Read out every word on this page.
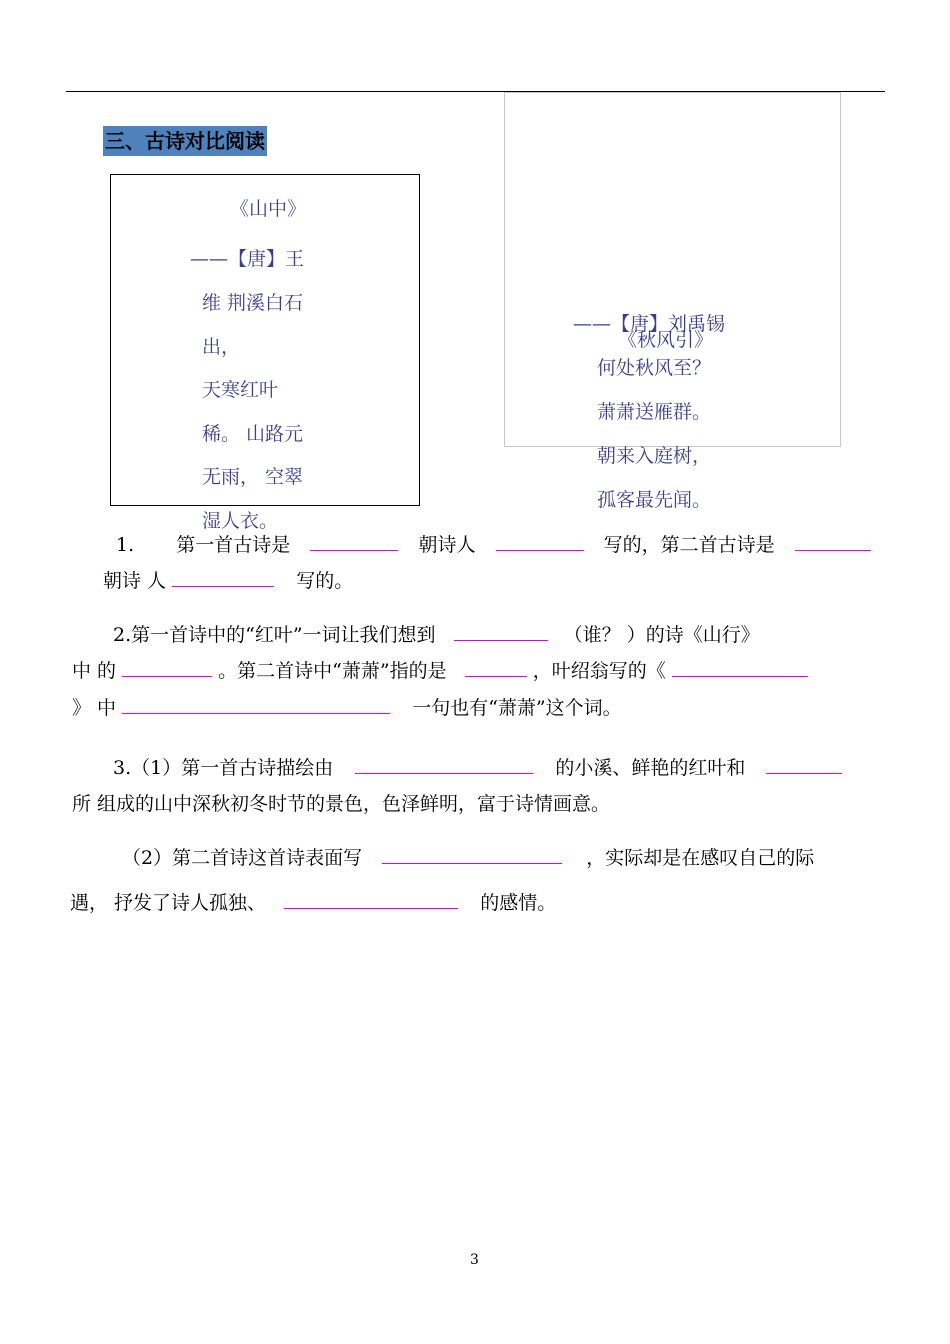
三、古诗对比阅读
《山中》
——【唐】王
维 荆溪白石
出，
天寒红叶
稀。 山路元
无雨， 空翠
湿人衣。
——【唐】刘禹锡
《秋风引》
何处秋风至？
萧萧送雁群。
朝来入庭树，
孤客最先闻。
1. 第一首古诗是	朝诗人	写的，第二首古诗是
朝诗 人	写的。
2.第一首诗中的“红叶”一词让我们想到	（谁？ ）的诗《山行》
中 的	。第二首诗中“萧萧”指的是	，叶绍翁写的《
》 中	一句也有“萧萧”这个词。
3.（1）第一首古诗描绘由	的小溪、鲜艳的红叶和
所 组成的山中深秋初冬时节的景色，色泽鲜明，富于诗情画意。
（2）第二首诗这首诗表面写	，实际却是在感叹自己的际
遇， 抒发了诗人孤独、	的感情。
3
